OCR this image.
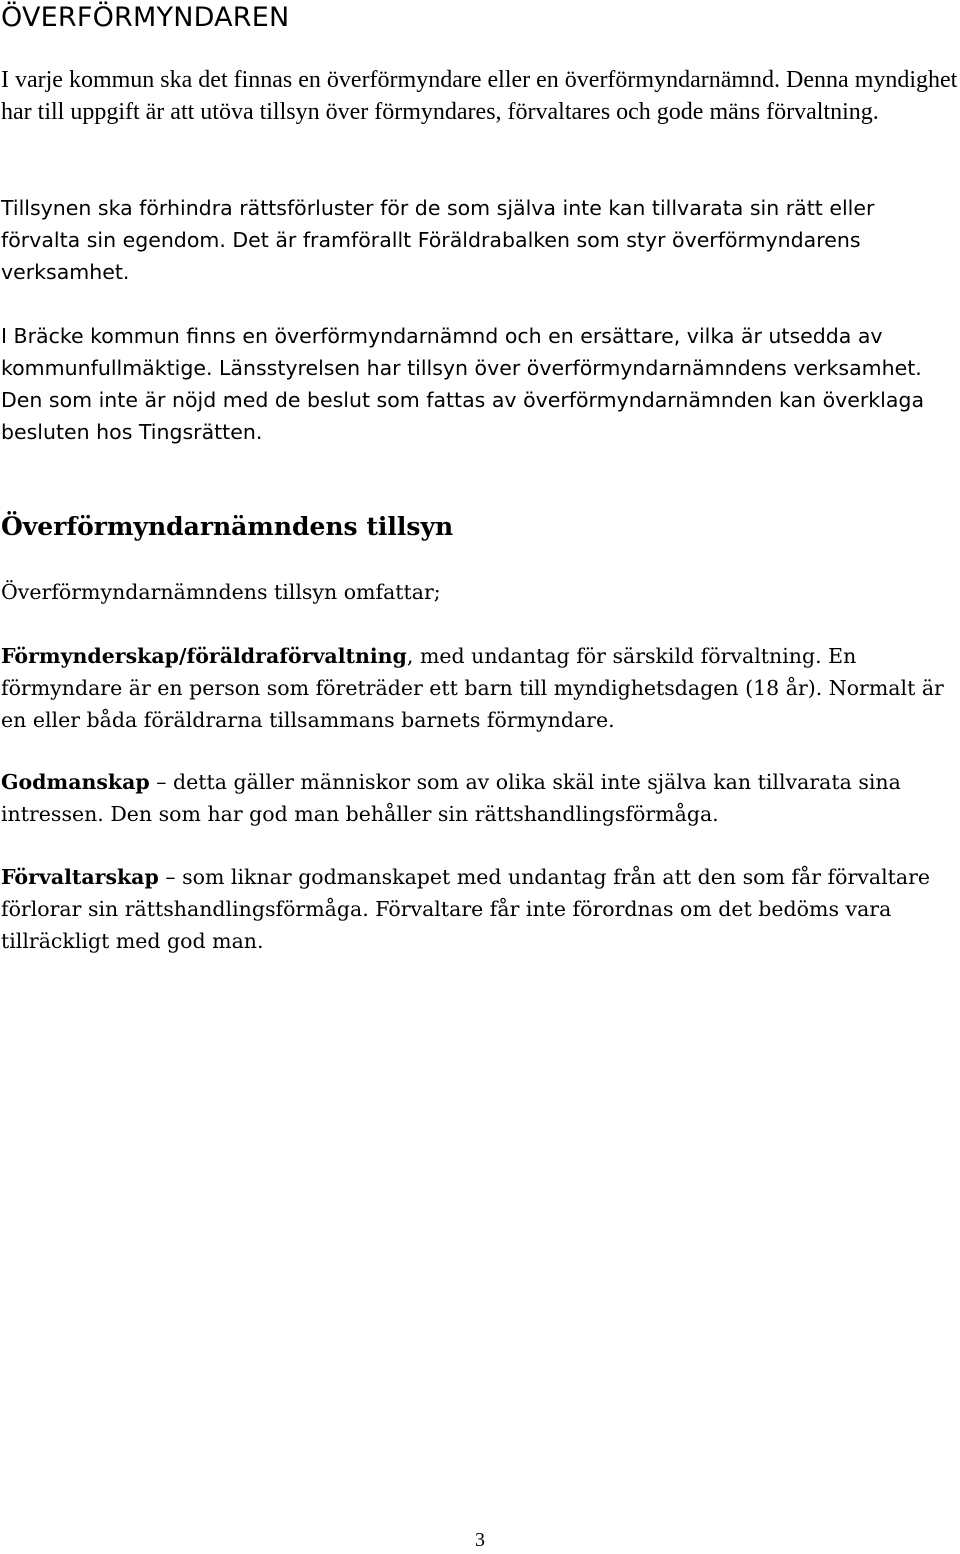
ÖVERFÖRMYNDAREN

I varje kommun ska det finnas en överförmyndare eller en överförmyndarnämnd. Denna myndighet har till uppgift är att utöva tillsyn över förmyndares, förvaltares och gode mäns förvaltning.

Tillsynen ska förhindra rättsförluster för de som själva inte kan tillvarata sin rätt eller förvalta sin egendom. Det är framförallt Föräldrabalken som styr överförmyndarens verksamhet.

I Bräcke kommun finns en överförmyndarnämnd och en ersättare, vilka är utsedda av kommunfullmäktige. Länsstyrelsen har tillsyn över överförmyndarnämndens verksamhet. Den som inte är nöjd med de beslut som fattas av överförmyndarnämnden kan överklaga besluten hos Tingsrätten.

Överförmyndarnämndens tillsyn

Överförmyndarnämndens tillsyn omfattar;

Förmynderskap/föräldraförvaltning, med undantag för särskild förvaltning. En förmyndare är en person som företräder ett barn till myndighetsdagen (18 år). Normalt är en eller båda föräldrarna tillsammans barnets förmyndare.

Godmanskap – detta gäller människor som av olika skäl inte själva kan tillvarata sina intressen. Den som har god man behåller sin rättshandlingsförmåga.

Förvaltarskap – som liknar godmanskapet med undantag från att den som får förvaltare förlorar sin rättshandlingsförmåga. Förvaltare får inte förordnas om det bedöms vara tillräckligt med god man.

3
